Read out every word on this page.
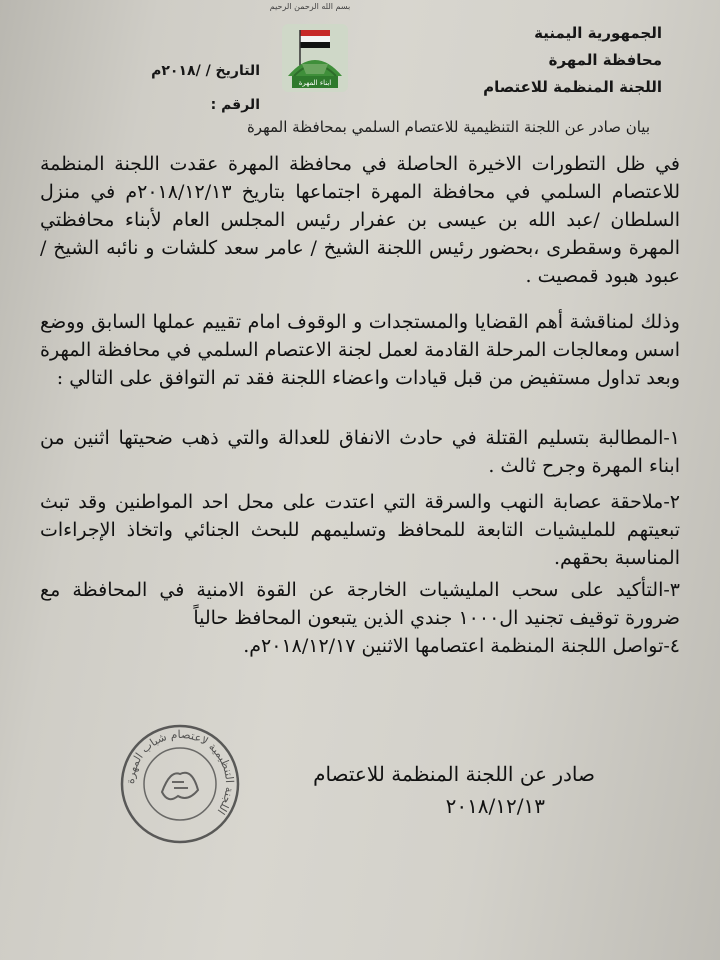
بسم الله الرحمن الرحيم
الجمهورية اليمنية
محافظة المهرة
اللجنة المنظمة للاعتصام
ابناء المهرة
التاريخ / /٢٠١٨م
الرقم :
بيان صادر عن اللجنة التنظيمية للاعتصام السلمي بمحافظة المهرة
في ظل التطورات الاخيرة الحاصلة في محافظة المهرة عقدت اللجنة المنظمة للاعتصام السلمي في محافظة المهرة اجتماعها بتاريخ ٢٠١٨/١٢/١٣م في منزل السلطان /عبد الله بن عيسى بن عفرار رئيس المجلس العام لأبناء محافظتي المهرة وسقطرى ،بحضور رئيس اللجنة الشيخ / عامر سعد كلشات و نائبه الشيخ /عبود هبود قمصيت .
وذلك لمناقشة أهم القضايا والمستجدات و الوقوف امام تقييم عملها السابق ووضع اسس ومعالجات المرحلة القادمة لعمل لجنة الاعتصام السلمي في محافظة المهرة وبعد تداول مستفيض من قبل قيادات واعضاء اللجنة فقد تم التوافق على التالي :
١-المطالبة بتسليم القتلة في حادث الانفاق للعدالة والتي ذهب ضحيتها اثنين من ابناء المهرة وجرح ثالث .
٢-ملاحقة عصابة النهب والسرقة التي اعتدت على محل احد المواطنين وقد تبث تبعيتهم للمليشيات التابعة للمحافظ وتسليمهم للبحث الجنائي واتخاذ الإجراءات المناسبة بحقهم.
٣-التأكيد على سحب المليشيات الخارجة عن القوة الامنية في المحافظة مع ضرورة توقيف تجنيد ال١٠٠٠ جندي الذين يتبعون المحافظ حالياً
٤-تواصل اللجنة المنظمة اعتصامها الاثنين ٢٠١٨/١٢/١٧م.
اللجنة التنظيمية لاعتصام شباب المهرة
صادر عن اللجنة المنظمة للاعتصام
٢٠١٨/١٢/١٣
